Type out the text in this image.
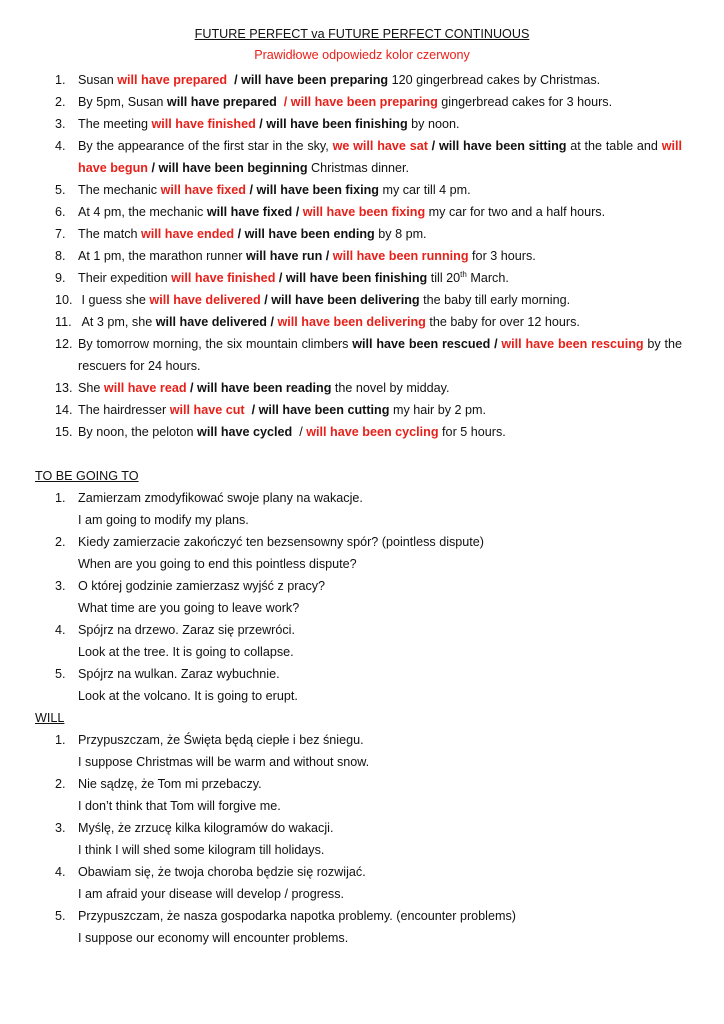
FUTURE PERFECT va FUTURE PERFECT CONTINUOUS
Prawidłowe odpowiedz kolor czerwony
1. Susan will have prepared  / will have been preparing 120 gingerbread cakes by Christmas.
2. By 5pm, Susan will have prepared  / will have been preparing gingerbread cakes for 3 hours.
3. The meeting will have finished / will have been finishing by noon.
4. By the appearance of the first star in the sky, we will have sat / will have been sitting at the table and will have begun / will have been beginning Christmas dinner.
5. The mechanic will have fixed / will have been fixing my car till 4 pm.
6. At 4 pm, the mechanic will have fixed / will have been fixing my car for two and a half hours.
7. The match will have ended / will have been ending by 8 pm.
8. At 1 pm, the marathon runner will have run / will have been running for 3 hours.
9. Their expedition will have finished / will have been finishing till 20th March.
10. I guess she will have delivered / will have been delivering the baby till early morning.
11. At 3 pm, she will have delivered / will have been delivering the baby for over 12 hours.
12. By tomorrow morning, the six mountain climbers will have been rescued / will have been rescuing by the rescuers for 24 hours.
13. She will have read / will have been reading the novel by midday.
14. The hairdresser will have cut  / will have been cutting my hair by 2 pm.
15. By noon, the peloton will have cycled  / will have been cycling for 5 hours.
TO BE GOING TO
1. Zamierzam zmodyfikować swoje plany na wakacje.
I am going to modify my plans.
2. Kiedy zamierzacie zakończyć ten bezsensowny spór? (pointless dispute)
When are you going to end this pointless dispute?
3. O której godzinie zamierzasz wyjść z pracy?
What time are you going to leave work?
4. Spójrz na drzewo. Zaraz się przewróci.
Look at the tree. It is going to collapse.
5. Spójrz na wulkan. Zaraz wybuchnie.
Look at the volcano. It is going to erupt.
WILL
1. Przypuszczam, że Święta będą ciepłe i bez śniegu.
I suppose Christmas will be warm and without snow.
2. Nie sądzę, że Tom mi przebaczy.
I don’t think that Tom will forgive me.
3. Myślę, że zrzucę kilka kilogramów do wakacji.
I think I will shed some kilogram till holidays.
4. Obawiam się, że twoja choroba będzie się rozwijać.
I am afraid your disease will develop / progress.
5. Przypuszczam, że nasza gospodarka napotka problemy. (encounter problems)
I suppose our economy will encounter problems.
